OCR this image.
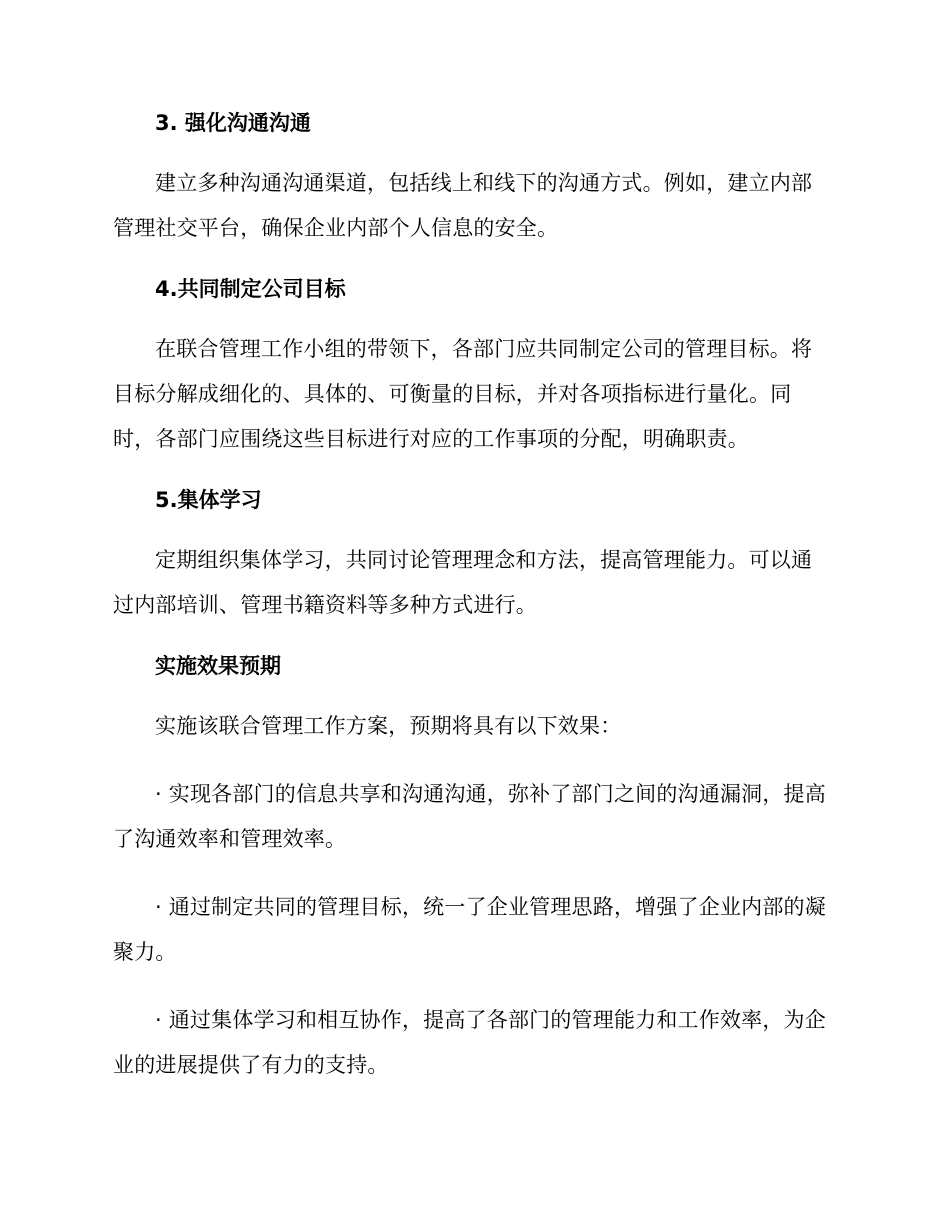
3. 强化沟通沟通

建立多种沟通沟通渠道，包括线上和线下的沟通方式。例如，建立内部管理社交平台，确保企业内部个人信息的安全。

4.共同制定公司目标

在联合管理工作小组的带领下，各部门应共同制定公司的管理目标。将目标分解成细化的、具体的、可衡量的目标，并对各项指标进行量化。同时，各部门应围绕这些目标进行对应的工作事项的分配，明确职责。

5.集体学习

定期组织集体学习，共同讨论管理理念和方法，提高管理能力。可以通过内部培训、管理书籍资料等多种方式进行。

实施效果预期

实施该联合管理工作方案，预期将具有以下效果：

· 实现各部门的信息共享和沟通沟通，弥补了部门之间的沟通漏洞，提高了沟通效率和管理效率。

· 通过制定共同的管理目标，统一了企业管理思路，增强了企业内部的凝聚力。

· 通过集体学习和相互协作，提高了各部门的管理能力和工作效率，为企业的进展提供了有力的支持。
